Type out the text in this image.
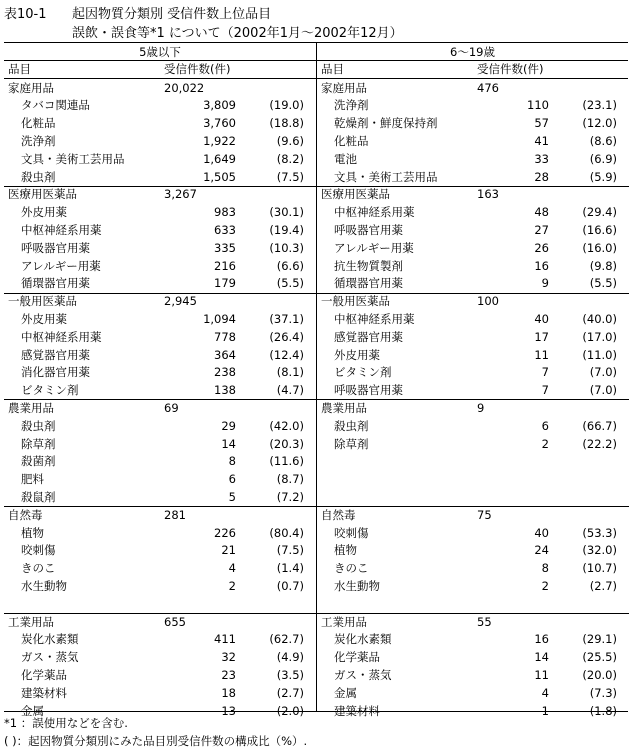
表10-1 起因物質分類別 受信件数上位品目
誤飲・誤食等*1 について（2002年1月～2002年12月）
5歳以下	6～19歳
品目	受信件数(件)
家庭用品	20,022
タバコ関連品	3,809	(19.0)
化粧品	3,760	(18.8)
洗浄剤	1,922	(9.6)
文具・美術工芸用品	1,649	(8.2)
殺虫剤	1,505	(7.5)
医療用医薬品	3,267
外皮用薬	983	(30.1)
中枢神経系用薬	633	(19.4)
呼吸器官用薬	335	(10.3)
アレルギー用薬	216	(6.6)
循環器官用薬	179	(5.5)
一般用医薬品	2,945
外皮用薬	1,094	(37.1)
中枢神経系用薬	778	(26.4)
感覚器官用薬	364	(12.4)
消化器官用薬	238	(8.1)
ビタミン剤	138	(4.7)
農業用品	69
殺虫剤	29	(42.0)
除草剤	14	(20.3)
殺菌剤	8	(11.6)
肥料	6	(8.7)
殺鼠剤	5	(7.2)
自然毒	281
植物	226	(80.4)
咬刺傷	21	(7.5)
きのこ	4	(1.4)
水生動物	2	(0.7)
工業用品	655
炭化水素類	411	(62.7)
ガス・蒸気	32	(4.9)
化学薬品	23	(3.5)
建築材料	18	(2.7)
金属	13	(2.0)
品目	受信件数(件)
家庭用品	476
洗浄剤	110	(23.1)
乾燥剤・鮮度保持剤	57	(12.0)
化粧品	41	(8.6)
電池	33	(6.9)
文具・美術工芸用品	28	(5.9)
医療用医薬品	163
中枢神経系用薬	48	(29.4)
呼吸器官用薬	27	(16.6)
アレルギー用薬	26	(16.0)
抗生物質製剤	16	(9.8)
循環器官用薬	9	(5.5)
一般用医薬品	100
中枢神経系用薬	40	(40.0)
感覚器官用薬	17	(17.0)
外皮用薬	11	(11.0)
ビタミン剤	7	(7.0)
呼吸器官用薬	7	(7.0)
農業用品	9
殺虫剤	6	(66.7)
除草剤	2	(22.2)
自然毒	75
咬刺傷	40	(53.3)
植物	24	(32.0)
きのこ	8	(10.7)
水生動物	2	(2.7)
工業用品	55
炭化水素類	16	(29.1)
化学薬品	14	(25.5)
ガス・蒸気	11	(20.0)
金属	4	(7.3)
建築材料	1	(1.8)
*1 ：誤使用などを含む.
( )：起因物質分類別にみた品目別受信件数の構成比（%）.
